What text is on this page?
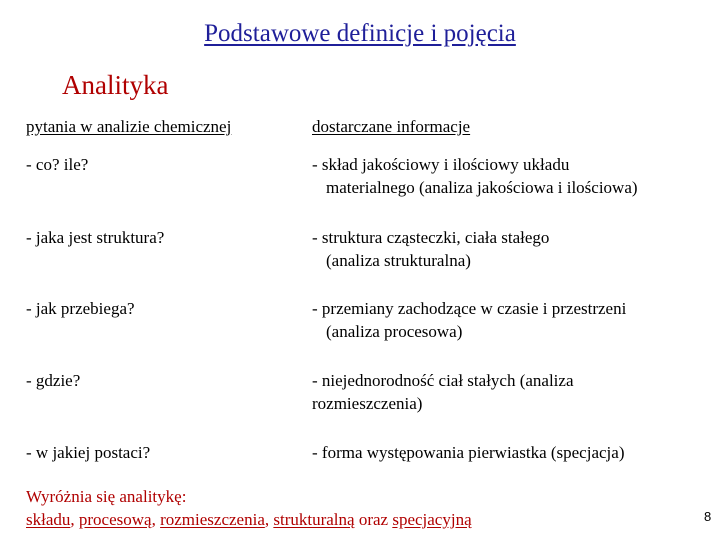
Podstawowe definicje i pojęcia
Analityka
pytania w analizie chemicznej	dostarczane informacje
- co? ile?	- skład jakościowy i ilościowy układu
materialnego (analiza jakościowa i ilościowa)
- jaka jest struktura?	- struktura cząsteczki, ciała stałego
(analiza strukturalna)
- jak przebiega?	- przemiany zachodzące w czasie i przestrzeni
(analiza procesowa)
- gdzie?	- niejednorodność ciał stałych (analiza
rozmieszczenia)
- w jakiej postaci?	- forma występowania pierwiastka (specjacja)
Wyróżnia się analitykę:
składu, procesową, rozmieszczenia, strukturalną oraz specjacyjną	8
